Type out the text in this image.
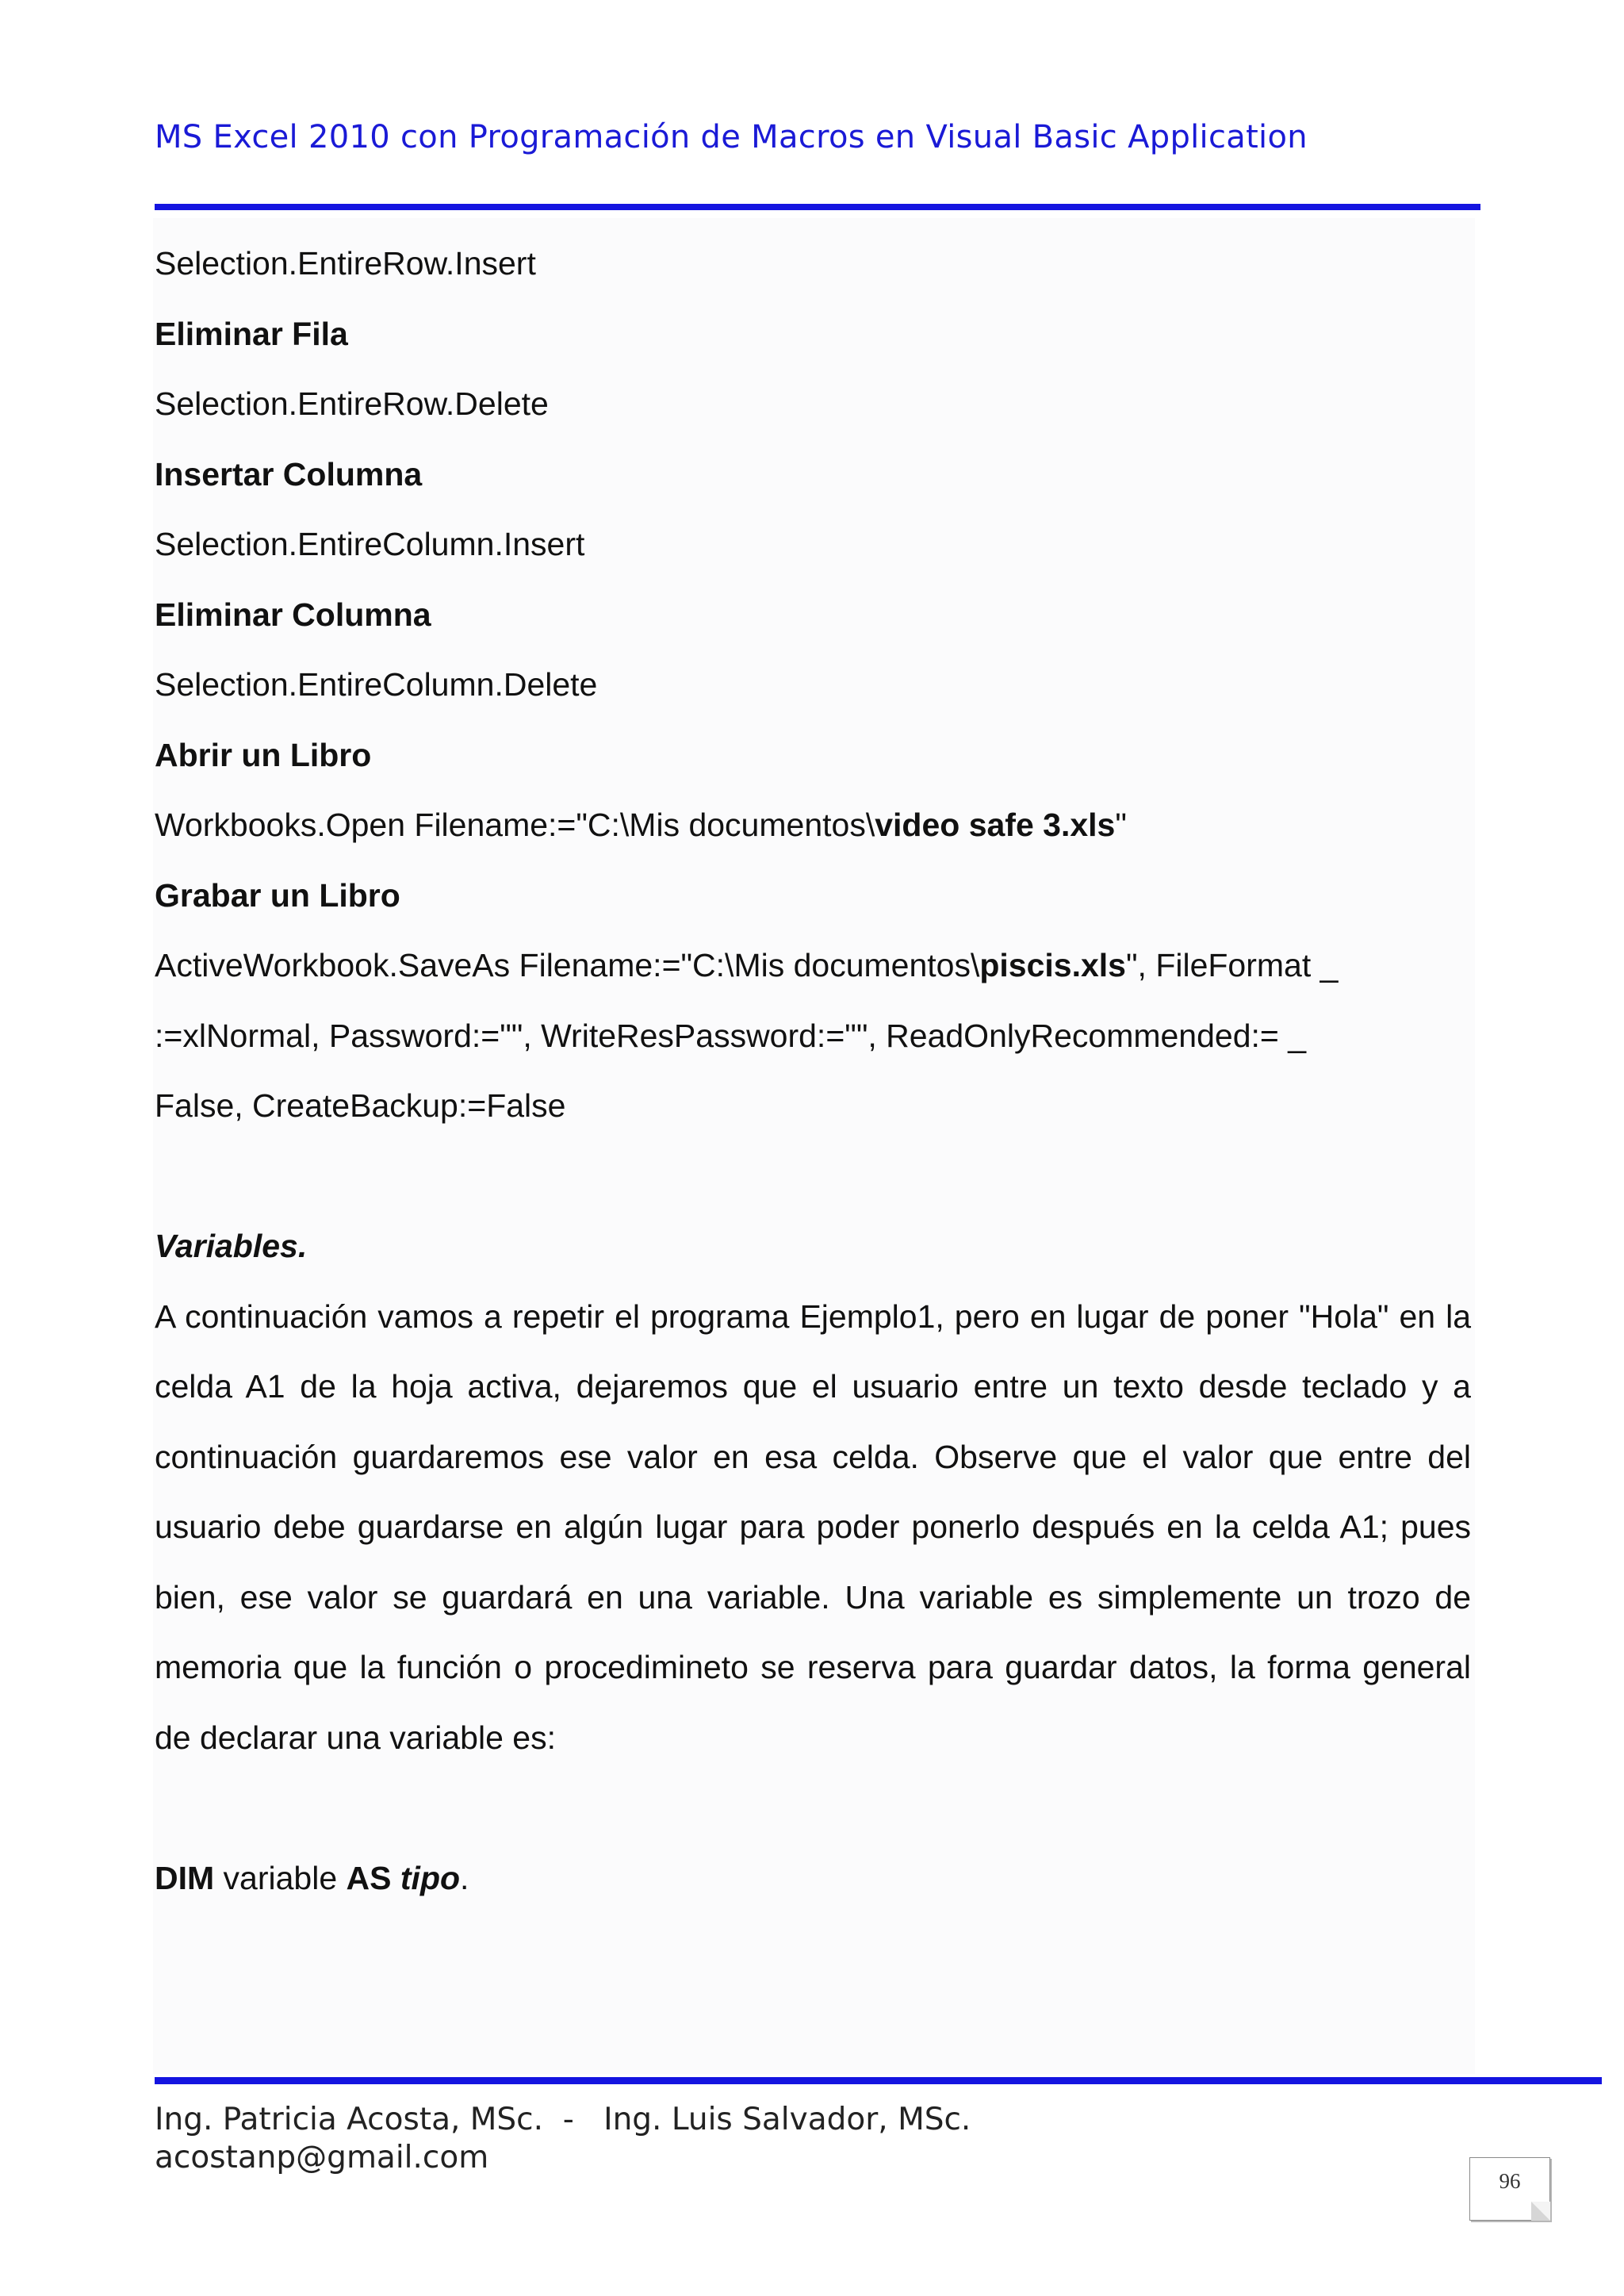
MS Excel 2010 con Programación de Macros en Visual Basic Application
Selection.EntireRow.Insert
Eliminar Fila
Selection.EntireRow.Delete
Insertar Columna
Selection.EntireColumn.Insert
Eliminar Columna
Selection.EntireColumn.Delete
Abrir un Libro
Workbooks.Open Filename:="C:\Mis documentos\video safe 3.xls"
Grabar un Libro
ActiveWorkbook.SaveAs Filename:="C:\Mis documentos\piscis.xls", FileFormat _
:=xlNormal, Password:="", WriteResPassword:="", ReadOnlyRecommended:= _
False, CreateBackup:=False
Variables.
A continuación vamos a repetir el programa Ejemplo1, pero en lugar de poner "Hola" en la celda A1 de la hoja activa, dejaremos que el usuario entre un texto desde teclado y a continuación guardaremos ese valor en esa celda. Observe que el valor que entre del usuario debe guardarse en algún lugar para poder ponerlo después en la celda A1; pues bien, ese valor se guardará en una variable. Una variable es simplemente un trozo de memoria que la función o procedimineto se reserva para guardar datos, la forma general de declarar una variable es:
DIM variable AS tipo.
Ing. Patricia Acosta, MSc.  -   Ing. Luis Salvador, MSc.
acostanp@gmail.com
96
